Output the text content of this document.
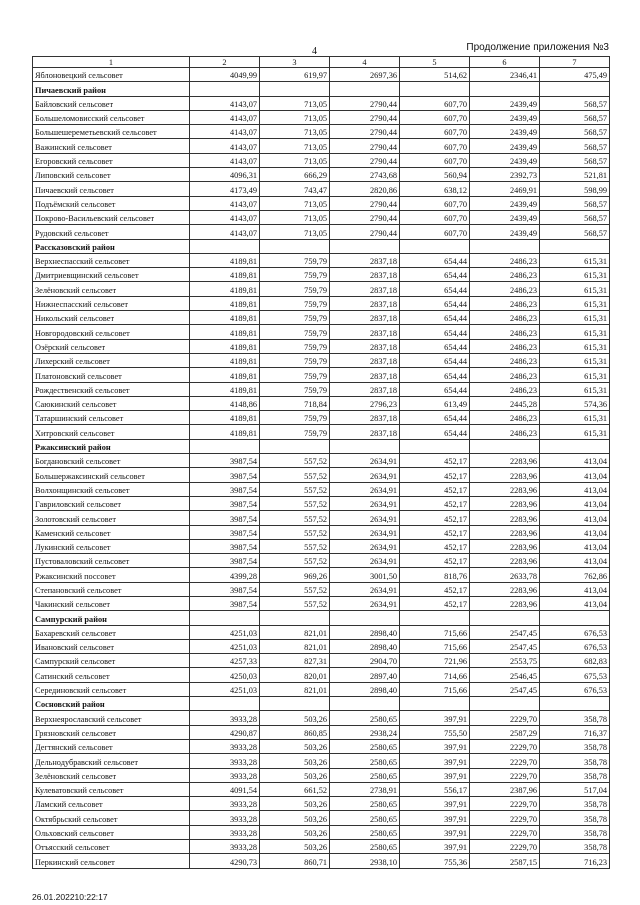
4	Продолжение приложения №3
1	2	3	4	5	6	7
Яблоновецкий сельсовет	4049,99	619,97	2697,36	514,62	2346,41	475,49
Пичаевский район						
Байловский сельсовет	4143,07	713,05	2790,44	607,70	2439,49	568,57
Большеломовисский сельсовет	4143,07	713,05	2790,44	607,70	2439,49	568,57
Большешереметьевский сельсовет	4143,07	713,05	2790,44	607,70	2439,49	568,57
Важинский сельсовет	4143,07	713,05	2790,44	607,70	2439,49	568,57
Егоровский сельсовет	4143,07	713,05	2790,44	607,70	2439,49	568,57
Липовский сельсовет	4096,31	666,29	2743,68	560,94	2392,73	521,81
Пичаевский сельсовет	4173,49	743,47	2820,86	638,12	2469,91	598,99
Подъёмский сельсовет	4143,07	713,05	2790,44	607,70	2439,49	568,57
Покрово-Васильевский сельсовет	4143,07	713,05	2790,44	607,70	2439,49	568,57
Рудовский сельсовет	4143,07	713,05	2790,44	607,70	2439,49	568,57
Рассказовский район						
Верхнеспасский сельсовет	4189,81	759,79	2837,18	654,44	2486,23	615,31
Дмитриевщинский сельсовет	4189,81	759,79	2837,18	654,44	2486,23	615,31
Зелёновский сельсовет	4189,81	759,79	2837,18	654,44	2486,23	615,31
Нижнеспасский сельсовет	4189,81	759,79	2837,18	654,44	2486,23	615,31
Никольский сельсовет	4189,81	759,79	2837,18	654,44	2486,23	615,31
Новгородовский сельсовет	4189,81	759,79	2837,18	654,44	2486,23	615,31
Озёрский сельсовет	4189,81	759,79	2837,18	654,44	2486,23	615,31
Лихерский сельсовет	4189,81	759,79	2837,18	654,44	2486,23	615,31
Платоновский сельсовет	4189,81	759,79	2837,18	654,44	2486,23	615,31
Рождественский сельсовет	4189,81	759,79	2837,18	654,44	2486,23	615,31
Саюкинский сельсовет	4148,86	718,84	2796,23	613,49	2445,28	574,36
Татаршинский сельсовет	4189,81	759,79	2837,18	654,44	2486,23	615,31
Хитровский сельсовет	4189,81	759,79	2837,18	654,44	2486,23	615,31
Ржаксинский район						
Богдановский сельсовет	3987,54	557,52	2634,91	452,17	2283,96	413,04
Большержаксинский сельсовет	3987,54	557,52	2634,91	452,17	2283,96	413,04
Волхонщинский сельсовет	3987,54	557,52	2634,91	452,17	2283,96	413,04
Гавриловский сельсовет	3987,54	557,52	2634,91	452,17	2283,96	413,04
Золотовский сельсовет	3987,54	557,52	2634,91	452,17	2283,96	413,04
Каменский сельсовет	3987,54	557,52	2634,91	452,17	2283,96	413,04
Лукинский сельсовет	3987,54	557,52	2634,91	452,17	2283,96	413,04
Пустоваловский сельсовет	3987,54	557,52	2634,91	452,17	2283,96	413,04
Ржаксинский поссовет	4399,28	969,26	3001,50	818,76	2633,78	762,86
Степановский сельсовет	3987,54	557,52	2634,91	452,17	2283,96	413,04
Чакинский сельсовет	3987,54	557,52	2634,91	452,17	2283,96	413,04
Сампурский район						
Бахаревский сельсовет	4251,03	821,01	2898,40	715,66	2547,45	676,53
Ивановский сельсовет	4251,03	821,01	2898,40	715,66	2547,45	676,53
Сампурский сельсовет	4257,33	827,31	2904,70	721,96	2553,75	682,83
Сатинский сельсовет	4250,03	820,01	2897,40	714,66	2546,45	675,53
Серединовский сельсовет	4251,03	821,01	2898,40	715,66	2547,45	676,53
Сосновский район						
Верхнеярославский сельсовет	3933,28	503,26	2580,65	397,91	2229,70	358,78
Грязновский сельсовет	4290,87	860,85	2938,24	755,50	2587,29	716,37
Дегтянский сельсовет	3933,28	503,26	2580,65	397,91	2229,70	358,78
Дельнодубравский сельсовет	3933,28	503,26	2580,65	397,91	2229,70	358,78
Зелёновский сельсовет	3933,28	503,26	2580,65	397,91	2229,70	358,78
Кулеватовский сельсовет	4091,54	661,52	2738,91	556,17	2387,96	517,04
Ламский сельсовет	3933,28	503,26	2580,65	397,91	2229,70	358,78
Октябрьский сельсовет	3933,28	503,26	2580,65	397,91	2229,70	358,78
Ольховский сельсовет	3933,28	503,26	2580,65	397,91	2229,70	358,78
Отъясский сельсовет	3933,28	503,26	2580,65	397,91	2229,70	358,78
Перкинский сельсовет	4290,73	860,71	2938,10	755,36	2587,15	716,23
26.01.202210:22:17
